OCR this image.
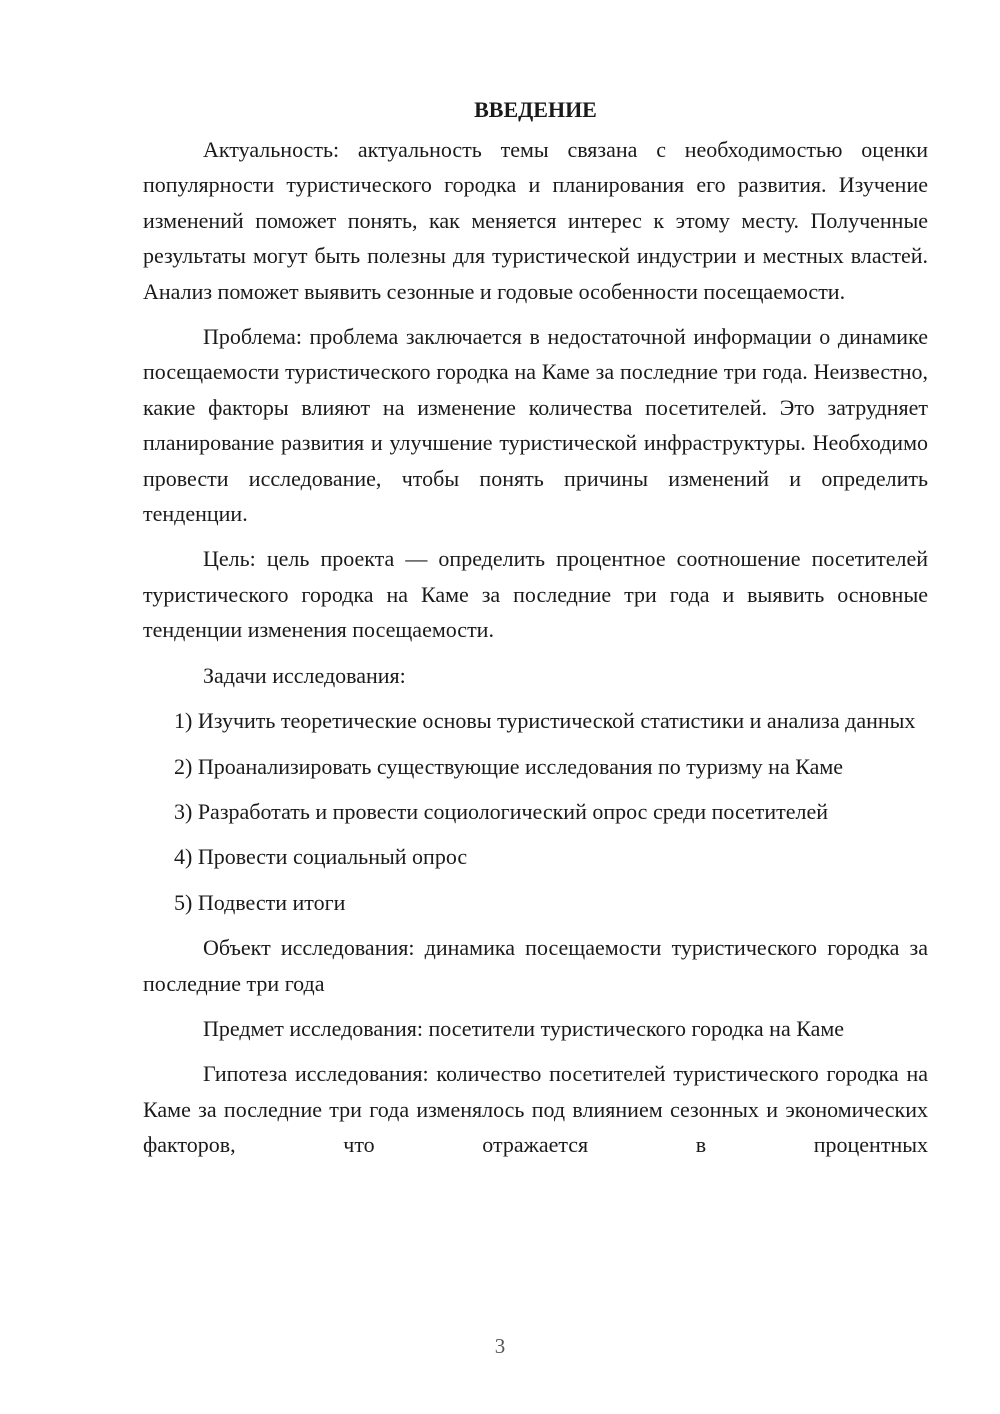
ВВЕДЕНИЕ

Актуальность: актуальность темы связана с необходимостью оценки популярности туристического городка и планирования его развития. Изучение изменений поможет понять, как меняется интерес к этому месту. Полученные результаты могут быть полезны для туристической индустрии и местных властей. Анализ поможет выявить сезонные и годовые особенности посещаемости.

Проблема: проблема заключается в недостаточной информации о динамике посещаемости туристического городка на Каме за последние три года. Неизвестно, какие факторы влияют на изменение количества посетителей. Это затрудняет планирование развития и улучшение туристической инфраструктуры. Необходимо провести исследование, чтобы понять причины изменений и определить тенденции.

Цель: цель проекта — определить процентное соотношение посетителей туристического городка на Каме за последние три года и выявить основные тенденции изменения посещаемости.

Задачи исследования:

1) Изучить теоретические основы туристической статистики и анализа данных

2) Проанализировать существующие исследования по туризму на Каме

3) Разработать и провести социологический опрос среди посетителей

4) Провести социальный опрос

5) Подвести итоги

Объект исследования: динамика посещаемости туристического городка за последние три года

Предмет исследования: посетители туристического городка на Каме

Гипотеза исследования: количество посетителей туристического городка на Каме за последние три года изменялось под влиянием сезонных и экономических факторов, что отражается в процентных

3
